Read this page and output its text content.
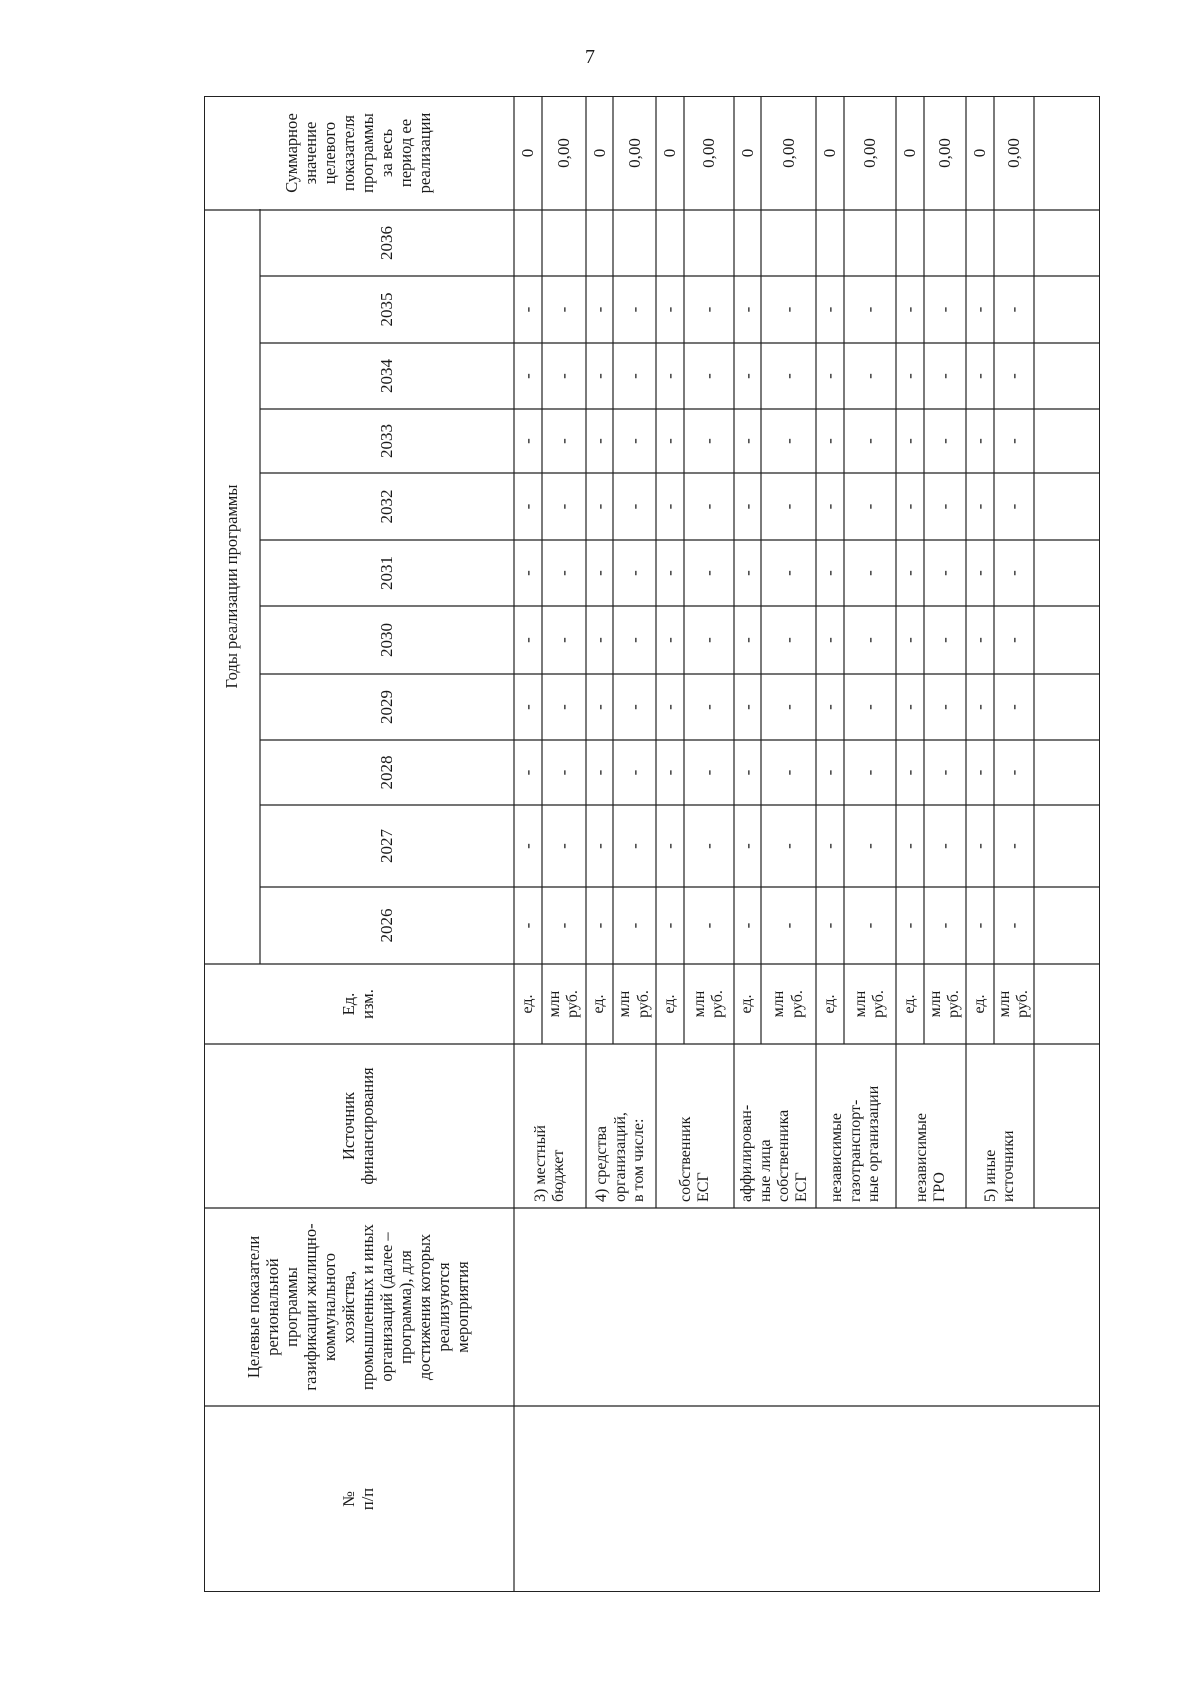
7
№
п/п
Целевые показатели
региональной
программы
газификации жилищно-
коммунального
хозяйства,
промышленных и иных
организаций (далее –
программа), для
достижения которых
реализуются
мероприятия
Источник
финансирования
Ед.
изм.
Годы реализации программы
Суммарное
значение
целевого
показателя
программы
за весь
период ее
реализации
2026
2027
2028
2029
2030
2031
2032
2033
2034
2035
2036
3) местный
бюджет
ед.
-
-
-
-
-
-
-
-
-
-
0
млн
руб.
-
-
-
-
-
-
-
-
-
-
0,00
4) средства
организаций,
в том числе:
ед.
-
-
-
-
-
-
-
-
-
-
0
млн
руб.
-
-
-
-
-
-
-
-
-
-
0,00
собственник
ЕСГ
ед.
-
-
-
-
-
-
-
-
-
-
0
млн
руб.
-
-
-
-
-
-
-
-
-
-
0,00
аффилирован-
ные лица
собственника
ЕСГ
ед.
-
-
-
-
-
-
-
-
-
-
0
млн
руб.
-
-
-
-
-
-
-
-
-
-
0,00
независимые
газотранспорт-
ные организации
ед.
-
-
-
-
-
-
-
-
-
-
0
млн
руб.
-
-
-
-
-
-
-
-
-
-
0,00
независимые
ГРО
ед.
-
-
-
-
-
-
-
-
-
-
0
млн
руб.
-
-
-
-
-
-
-
-
-
-
0,00
5) иные
источники
ед.
-
-
-
-
-
-
-
-
-
-
0
млн
руб.
-
-
-
-
-
-
-
-
-
-
0,00
